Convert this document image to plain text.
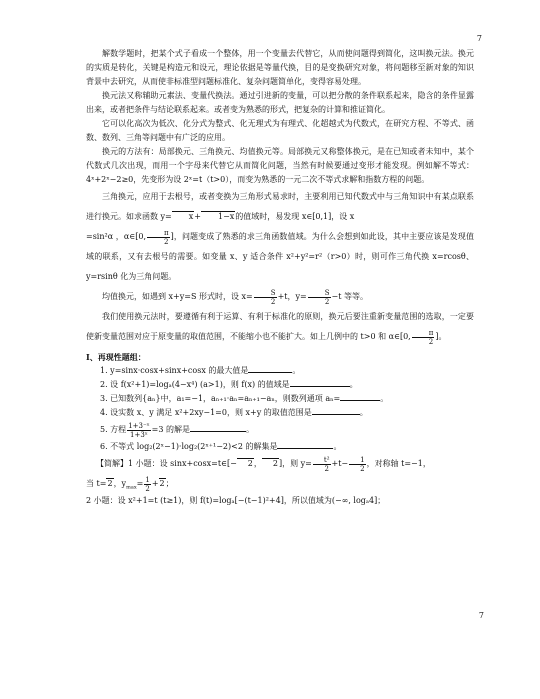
7

解数学题时，把某个式子看成一个整体，用一个变量去代替它，从而使问题得到简化，这叫换元法。换元的实质是转化，关键是构造元和设元，理论依据是等量代换，目的是变换研究对象，将问题移至新对象的知识背景中去研究，从而使非标准型问题标准化、复杂问题简单化，变得容易处理。

换元法又称辅助元素法、变量代换法。通过引进新的变量，可以把分散的条件联系起来，隐含的条件显露出来，或者把条件与结论联系起来。或者变为熟悉的形式，把复杂的计算和推证简化。

它可以化高次为低次、化分式为整式、化无理式为有理式、化超越式为代数式，在研究方程、不等式、函数、数列、三角等问题中有广泛的应用。

换元的方法有：局部换元、三角换元、均值换元等。局部换元又称整体换元，是在已知或者未知中，某个代数式几次出现，而用一个字母来代替它从而简化问题，当然有时候要通过变形才能发现。例如解不等式：4ˣ+2ˣ−2≥0，先变形为设 2ˣ=t（t>0），而变为熟悉的一元二次不等式求解和指数方程的问题。

三角换元，应用于去根号，或者变换为三角形式易求时，主要利用已知代数式中与三角知识中有某点联系进行换元。如求函数 y= x+ 1−x的值域时，易发现 x∈[0,1]，设 x
=sin²α ，α∈[0, $\frac{\pi}{2}$ ]，问题变成了熟悉的求三角函数值域。为什么会想到如此设，其中主要应该是发现值域的联系，又有去根号的需要。如变量 x、y 适合条件 x²+y²=r²（r>0）时，则可作三角代换 x=rcosθ、y=rsinθ 化为三角问题。

均值换元，如遇到 x+y=S 形式时，设 $x= \frac{S}{2} +t$，$y= \frac{S}{2} -t$ 等等。

我们使用换元法时，要遵循有利于运算、有利于标准化的原则，换元后要注重新变量范围的选取，一定要使新变量范围对应于原变量的取值范围，不能缩小也不能扩大。如上几例中的 t>0 和 α∈[0, $\frac{\pi}{2}$ ]。

Ⅰ、再现性题组：

1. y=sinx·cosx+sinx+cosx 的最大值是	。

2. 设 f(x²+1)=logₐ(4−x⁴) (a>1)，则 f(x) 的值域是	。

3. 已知数列{aₙ}中，a₁=−1，aₙ₊₁·aₙ=aₙ₊₁−aₙ，则数列通项 aₙ=	。

4. 设实数 x、y 满足 x²+2xy−1=0，则 x+y 的取值范围是	。

5. 方程 $\frac{\text{1+3⁻ˣ}}{\text{1+3ˣ}} =3$ 的解是	。

6. 不等式 log₂(2ˣ−1)·log₂(2ˣ⁺¹−2)<2 的解集是	。

【简解】1 小题：设 sinx+cosx=t∈[− 2， 2]，则 $y= \frac{\text{t²}}{2} +t- \frac{1}{2}$ ，对称轴 t=−1，

当 t=2，$y_{max}= \frac{1}{2} +2$；

2 小题：设 x²+1=t (t≥1)，则 f(t)=logₐ[−(t−1)²+4]，所以值域为(−∞, logₐ4]；

7
